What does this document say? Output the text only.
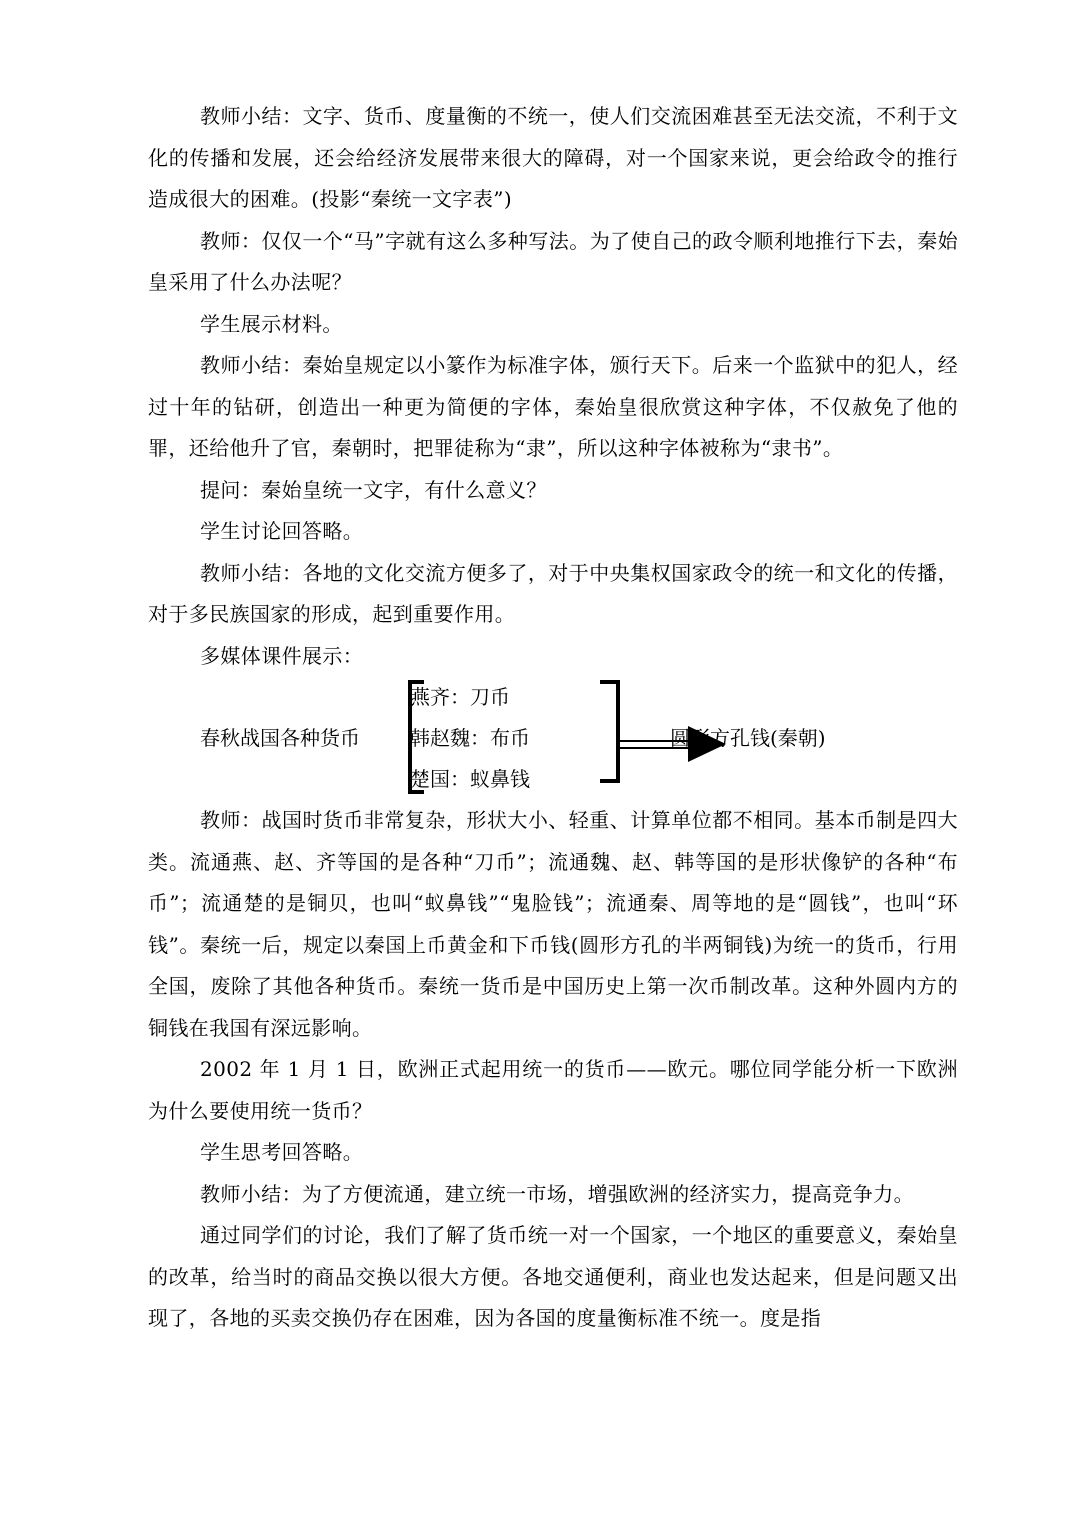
教师小结：文字、货币、度量衡的不统一，使人们交流困难甚至无法交流，不利于文化的传播和发展，还会给经济发展带来很大的障碍，对一个国家来说，更会给政令的推行造成很大的困难。(投影“秦统一文字表”)

教师：仅仅一个“马”字就有这么多种写法。为了使自己的政令顺利地推行下去，秦始皇采用了什么办法呢？

学生展示材料。

教师小结：秦始皇规定以小篆作为标准字体，颁行天下。后来一个监狱中的犯人，经过十年的钻研，创造出一种更为简便的字体，秦始皇很欣赏这种字体，不仅赦免了他的罪，还给他升了官，秦朝时，把罪徒称为“隶”，所以这种字体被称为“隶书”。

提问：秦始皇统一文字，有什么意义？

学生讨论回答略。

教师小结：各地的文化交流方便多了，对于中央集权国家政令的统一和文化的传播，对于多民族国家的形成，起到重要作用。

多媒体课件展示：

春秋战国各种货币
燕齐：刀币
韩赵魏：布币
楚国：蚁鼻钱
圆形方孔钱(秦朝)

教师：战国时货币非常复杂，形状大小、轻重、计算单位都不相同。基本币制是四大类。流通燕、赵、齐等国的是各种“刀币”；流通魏、赵、韩等国的是形状像铲的各种“布币”；流通楚的是铜贝，也叫“蚁鼻钱”“鬼脸钱”；流通秦、周等地的是“圆钱”，也叫“环钱”。秦统一后，规定以秦国上币黄金和下币钱(圆形方孔的半两铜钱)为统一的货币，行用全国，废除了其他各种货币。秦统一货币是中国历史上第一次币制改革。这种外圆内方的铜钱在我国有深远影响。

2002 年 1 月 1 日，欧洲正式起用统一的货币——欧元。哪位同学能分析一下欧洲为什么要使用统一货币？

学生思考回答略。

教师小结：为了方便流通，建立统一市场，增强欧洲的经济实力，提高竞争力。

通过同学们的讨论，我们了解了货币统一对一个国家，一个地区的重要意义，秦始皇的改革，给当时的商品交换以很大方便。各地交通便利，商业也发达起来，但是问题又出现了，各地的买卖交换仍存在困难，因为各国的度量衡标准不统一。度是指
